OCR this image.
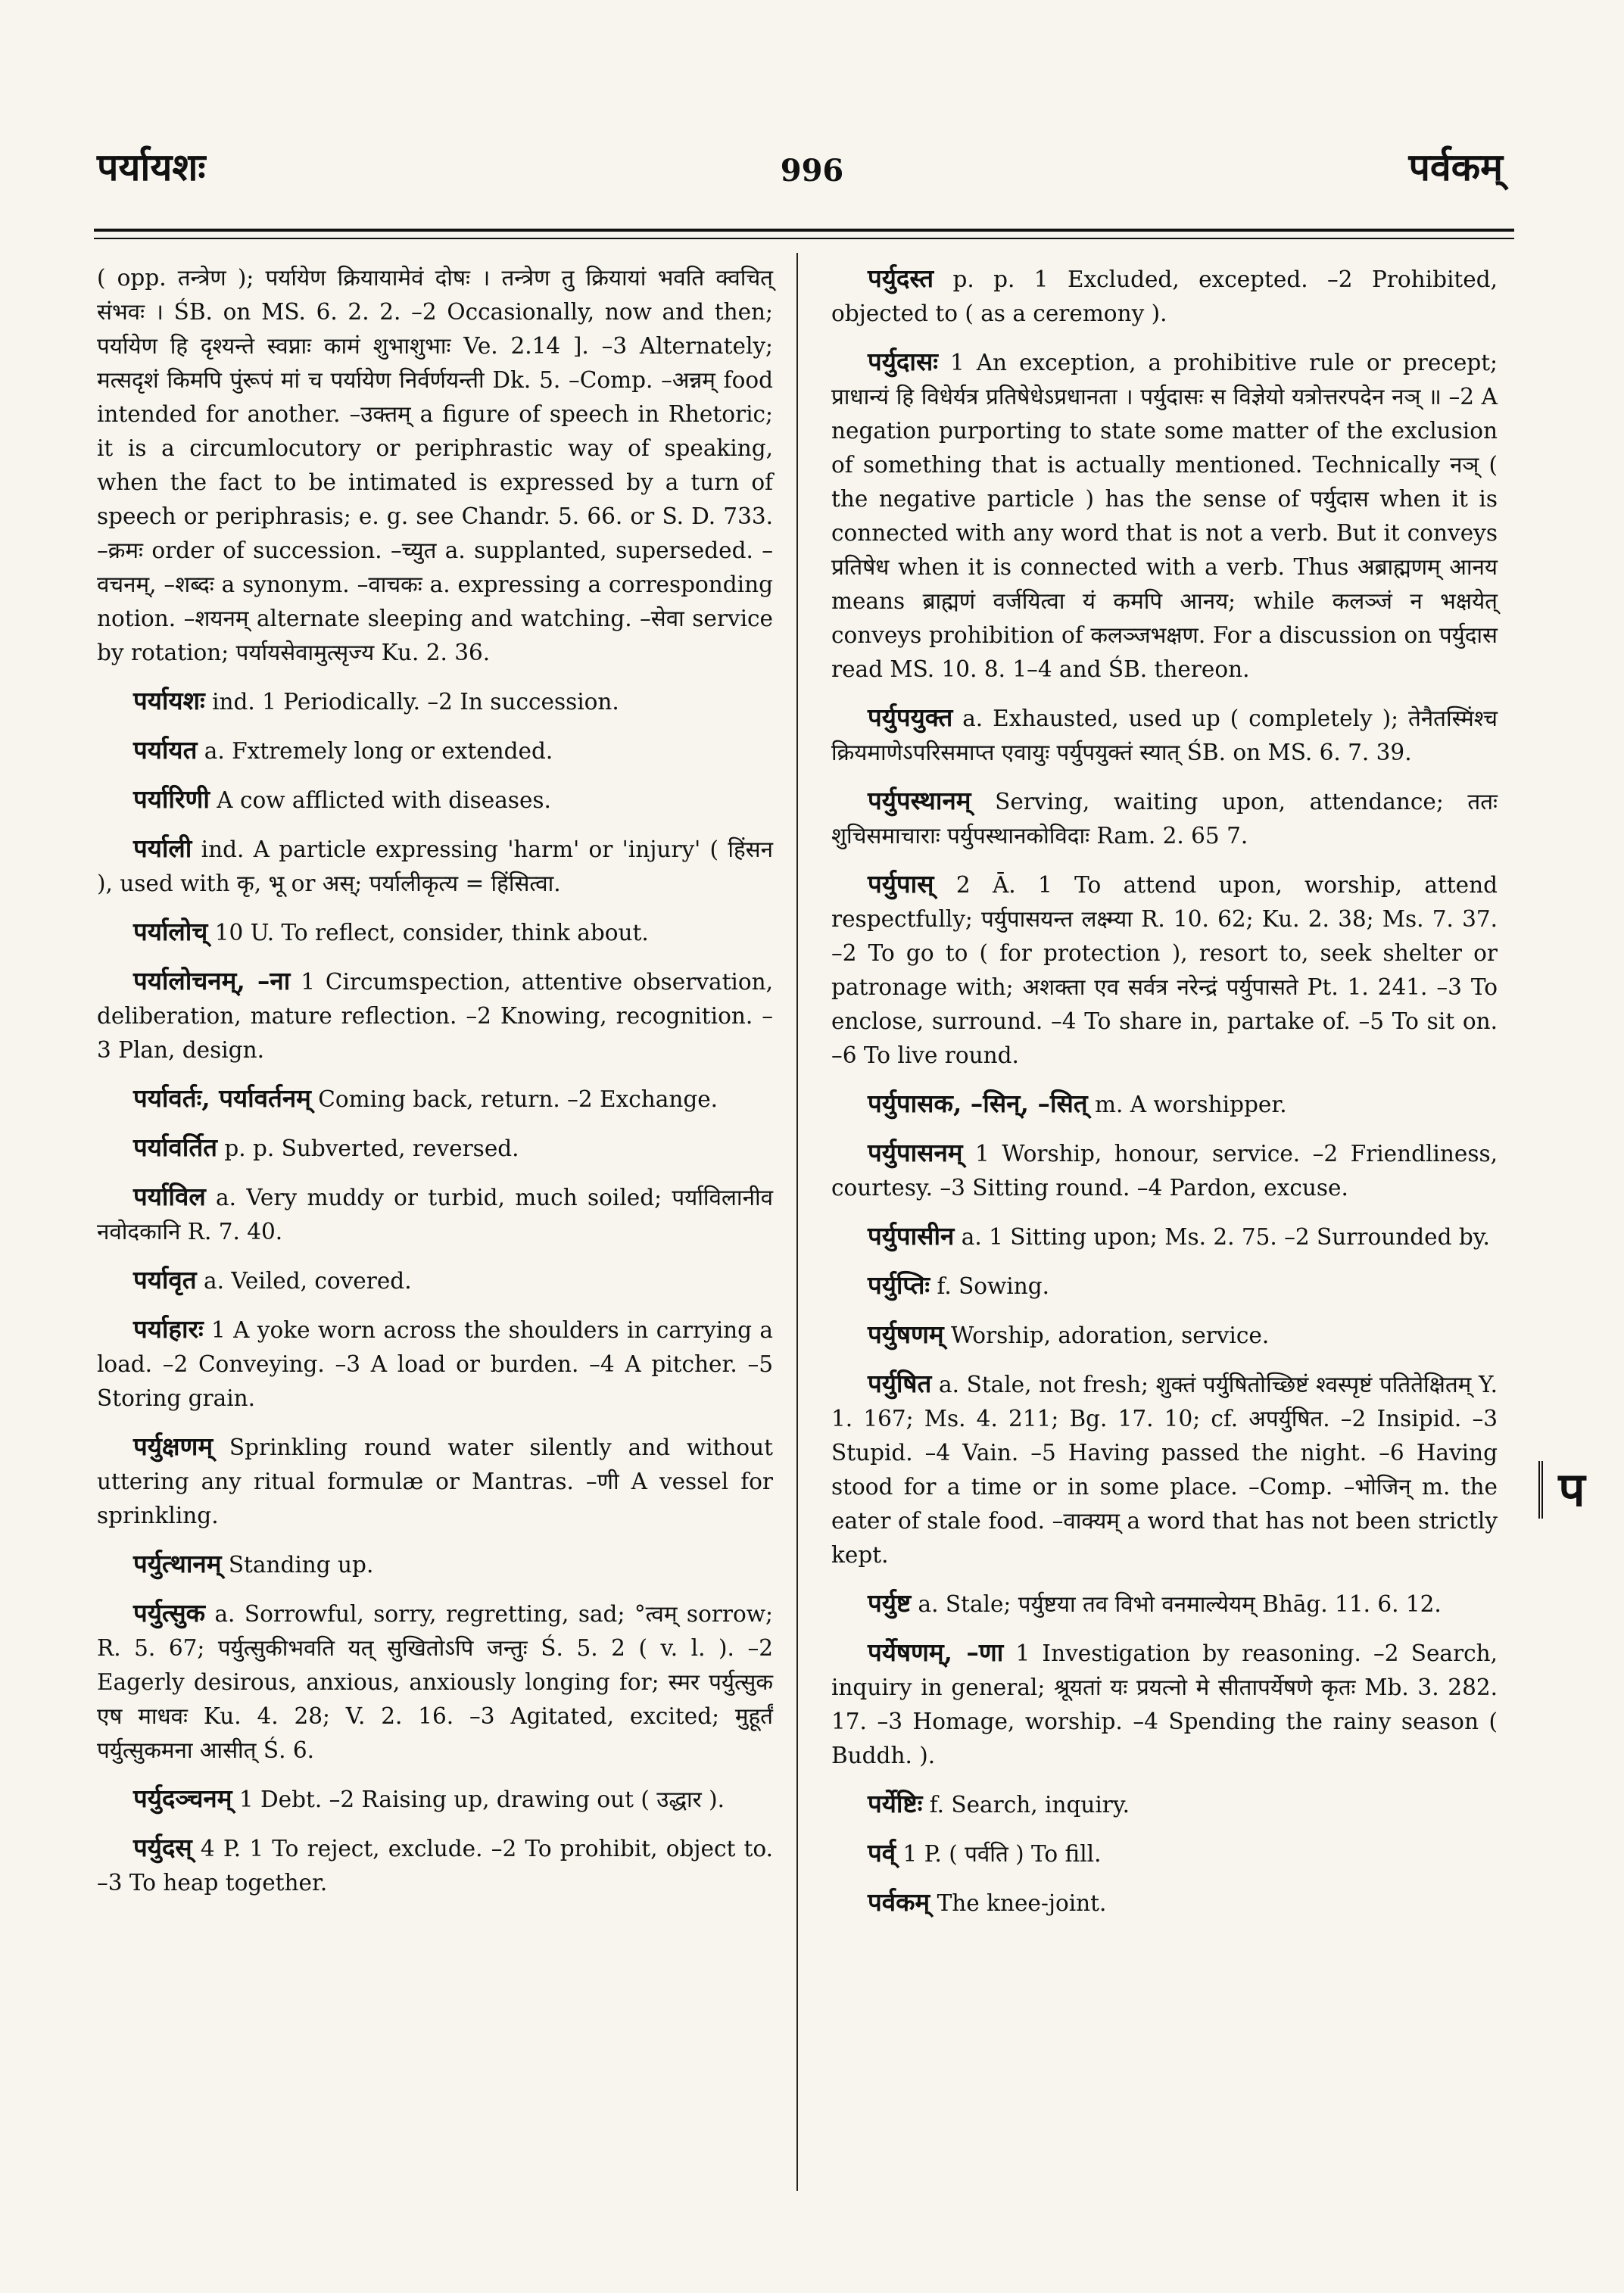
पर्यायशः	996	पर्वकम्
( opp. तन्त्रेण ); पर्यायेण क्रियायामेवं दोषः । तन्त्रेण तु क्रियायां भवति क्वचित् संभवः । ŚB. on MS. 6. 2. 2. –2 Occasionally, now and then; पर्यायेण हि दृश्यन्ते स्वप्नाः कामं शुभाशुभाः Ve. 2.14 ]. –3 Alternately; मत्सदृशं किमपि पुंरूपं मां च पर्यायेण निर्वर्णयन्ती Dk. 5. –Comp. –अन्नम् food intended for another. –उक्तम् a figure of speech in Rhetoric; it is a circumlocutory or periphrastic way of speaking, when the fact to be intimated is expressed by a turn of speech or periphrasis; e. g. see Chandr. 5. 66. or S. D. 733. –क्रमः order of succession. –च्युत a. supplanted, superseded. –वचनम्, –शब्दः a synonym. –वाचकः a. expressing a corresponding notion. –शयनम् alternate sleeping and watching. –सेवा service by rotation; पर्यायसेवामुत्सृज्य Ku. 2. 36.
पर्यायशः ind. 1 Periodically. –2 In succession.
पर्यायत a. Fxtremely long or extended.
पर्यारिणी A cow afflicted with diseases.
पर्याली ind. A particle expressing 'harm' or 'injury' ( हिंसन ), used with कृ, भू or अस्; पर्यालीकृत्य = हिंसित्वा.
पर्यालोच् 10 U. To reflect, consider, think about.
पर्यालोचनम्, –ना 1 Circumspection, attentive observation, deliberation, mature reflection. –2 Knowing, recognition. –3 Plan, design.
पर्यावर्तः, पर्यावर्तनम् Coming back, return. –2 Exchange.
पर्यावर्तित p. p. Subverted, reversed.
पर्याविल a. Very muddy or turbid, much soiled; पर्याविलानीव नवोदकानि R. 7. 40.
पर्यावृत a. Veiled, covered.
पर्याहारः 1 A yoke worn across the shoulders in carrying a load. –2 Conveying. –3 A load or burden. –4 A pitcher. –5 Storing grain.
पर्युक्षणम् Sprinkling round water silently and without uttering any ritual formulæ or Mantras. –णी A vessel for sprinkling.
पर्युत्थानम् Standing up.
पर्युत्सुक a. Sorrowful, sorry, regretting, sad; °त्वम् sorrow; R. 5. 67; पर्युत्सुकीभवति यत् सुखितोऽपि जन्तुः Ś. 5. 2 ( v. l. ). –2 Eagerly desirous, anxious, anxiously longing for; स्मर पर्युत्सुक एष माधवः Ku. 4. 28; V. 2. 16. –3 Agitated, excited; मुहूर्तं पर्युत्सुकमना आसीत् Ś. 6.
पर्युदञ्चनम् 1 Debt. –2 Raising up, drawing out ( उद्धार ).
पर्युदस् 4 P. 1 To reject, exclude. –2 To prohibit, object to. –3 To heap together.
पर्युदस्त p. p. 1 Excluded, excepted. –2 Prohibited, objected to ( as a ceremony ).
पर्युदासः 1 An exception, a prohibitive rule or precept; प्राधान्यं हि विधेर्यत्र प्रतिषेधेऽप्रधानता । पर्युदासः स विज्ञेयो यत्रोत्तरपदेन नञ् ॥ –2 A negation purporting to state some matter of the exclusion of something that is actually mentioned. Technically नञ् ( the negative particle ) has the sense of पर्युदास when it is connected with any word that is not a verb. But it conveys प्रतिषेध when it is connected with a verb. Thus अब्राह्मणम् आनय means ब्राह्मणं वर्जयित्वा यं कमपि आनय; while कलञ्जं न भक्षयेत् conveys prohibition of कलञ्जभक्षण. For a discussion on पर्युदास read MS. 10. 8. 1–4 and ŚB. thereon.
पर्युपयुक्त a. Exhausted, used up ( completely ); तेनैतस्मिंश्च क्रियमाणेऽपरिसमाप्त एवायुः पर्युपयुक्तं स्यात् ŚB. on MS. 6. 7. 39.
पर्युपस्थानम् Serving, waiting upon, attendance; ततः शुचिसमाचाराः पर्युपस्थानकोविदाः Ram. 2. 65 7.
पर्युपास् 2 Ā. 1 To attend upon, worship, attend respectfully; पर्युपासयन्त लक्ष्म्या R. 10. 62; Ku. 2. 38; Ms. 7. 37. –2 To go to ( for protection ), resort to, seek shelter or patronage with; अशक्ता एव सर्वत्र नरेन्द्रं पर्युपासते Pt. 1. 241. –3 To enclose, surround. –4 To share in, partake of. –5 To sit on. –6 To live round.
पर्युपासक, –सिन्, –सित् m. A worshipper.
पर्युपासनम् 1 Worship, honour, service. –2 Friendliness, courtesy. –3 Sitting round. –4 Pardon, excuse.
पर्युपासीन a. 1 Sitting upon; Ms. 2. 75. –2 Surrounded by.
पर्युप्तिः f. Sowing.
पर्युषणम् Worship, adoration, service.
पर्युषित a. Stale, not fresh; शुक्तं पर्युषितोच्छिष्टं श्वस्पृष्टं पतितेक्षितम् Y. 1. 167; Ms. 4. 211; Bg. 17. 10; cf. अपर्युषित. –2 Insipid. –3 Stupid. –4 Vain. –5 Having passed the night. –6 Having stood for a time or in some place. –Comp. –भोजिन् m. the eater of stale food. –वाक्यम् a word that has not been strictly kept.
पर्युष्ट a. Stale; पर्युष्टया तव विभो वनमाल्येयम् Bhāg. 11. 6. 12.
पर्येषणम्, –णा 1 Investigation by reasoning. –2 Search, inquiry in general; श्रूयतां यः प्रयत्नो मे सीतापर्येषणे कृतः Mb. 3. 282. 17. –3 Homage, worship. –4 Spending the rainy season ( Buddh. ).
पर्येष्टिः f. Search, inquiry.
पर्व् 1 P. ( पर्वति ) To fill.
पर्वकम् The knee-joint.
प
